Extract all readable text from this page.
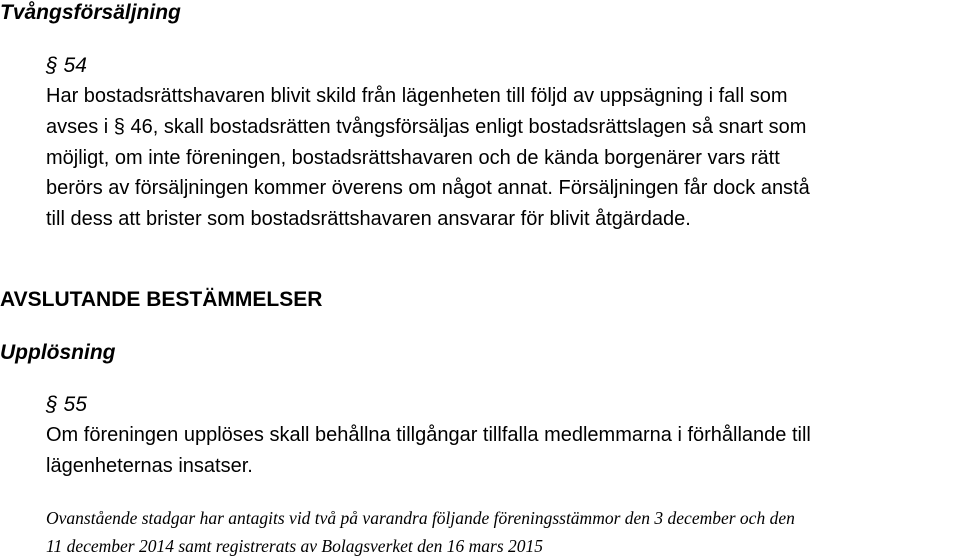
Tvångsförsäljning
§ 54
Har bostadsrättshavaren blivit skild från lägenheten till följd av uppsägning i fall som
avses i § 46, skall bostadsrätten tvångsförsäljas enligt bostadsrättslagen så snart som
möjligt, om inte föreningen, bostadsrättshavaren och de kända borgenärer vars rätt
berörs av försäljningen kommer överens om något annat. Försäljningen får dock anstå
till dess att brister som bostadsrättshavaren ansvarar för blivit åtgärdade.
AVSLUTANDE BESTÄMMELSER
Upplösning
§ 55
Om föreningen upplöses skall behållna tillgångar tillfalla medlemmarna i förhållande till
lägenheternas insatser.
Ovanstående stadgar har antagits vid två på varandra följande föreningsstämmor den 3 december och den
11 december 2014 samt registrerats av Bolagsverket den 16 mars 2015
